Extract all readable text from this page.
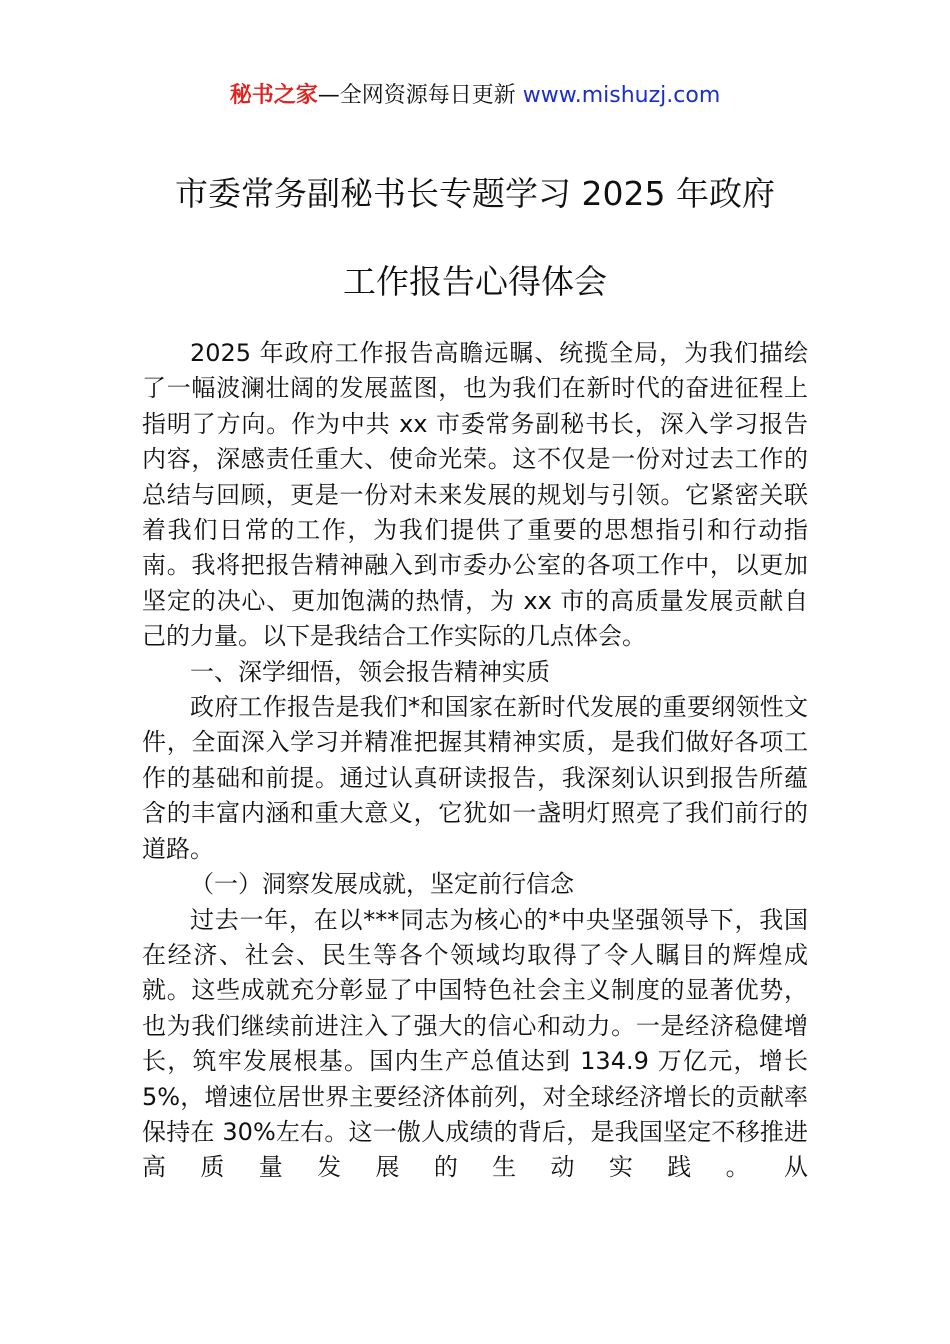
秘书之家—全网资源每日更新 www.mishuzj.com
市委常务副秘书长专题学习 2025 年政府
工作报告心得体会

2025 年政府工作报告高瞻远瞩、统揽全局，为我们描绘了一幅波澜壮阔的发展蓝图，也为我们在新时代的奋进征程上指明了方向。作为中共 xx 市委常务副秘书长，深入学习报告内容，深感责任重大、使命光荣。这不仅是一份对过去工作的总结与回顾，更是一份对未来发展的规划与引领。它紧密关联着我们日常的工作，为我们提供了重要的思想指引和行动指南。我将把报告精神融入到市委办公室的各项工作中，以更加坚定的决心、更加饱满的热情，为 xx 市的高质量发展贡献自己的力量。以下是我结合工作实际的几点体会。

一、深学细悟，领会报告精神实质

政府工作报告是我们*和国家在新时代发展的重要纲领性文件，全面深入学习并精准把握其精神实质，是我们做好各项工作的基础和前提。通过认真研读报告，我深刻认识到报告所蕴含的丰富内涵和重大意义，它犹如一盏明灯照亮了我们前行的道路。

（一）洞察发展成就，坚定前行信念

过去一年，在以***同志为核心的*中央坚强领导下，我国在经济、社会、民生等各个领域均取得了令人瞩目的辉煌成就。这些成就充分彰显了中国特色社会主义制度的显著优势，也为我们继续前进注入了强大的信心和动力。一是经济稳健增长，筑牢发展根基。国内生产总值达到 134.9 万亿元，增长 5%，增速位居世界主要经济体前列，对全球经济增长的贡献率保持在 30%左右。这一傲人成绩的背后，是我国坚定不移推进高质量发展的生动实践。从
